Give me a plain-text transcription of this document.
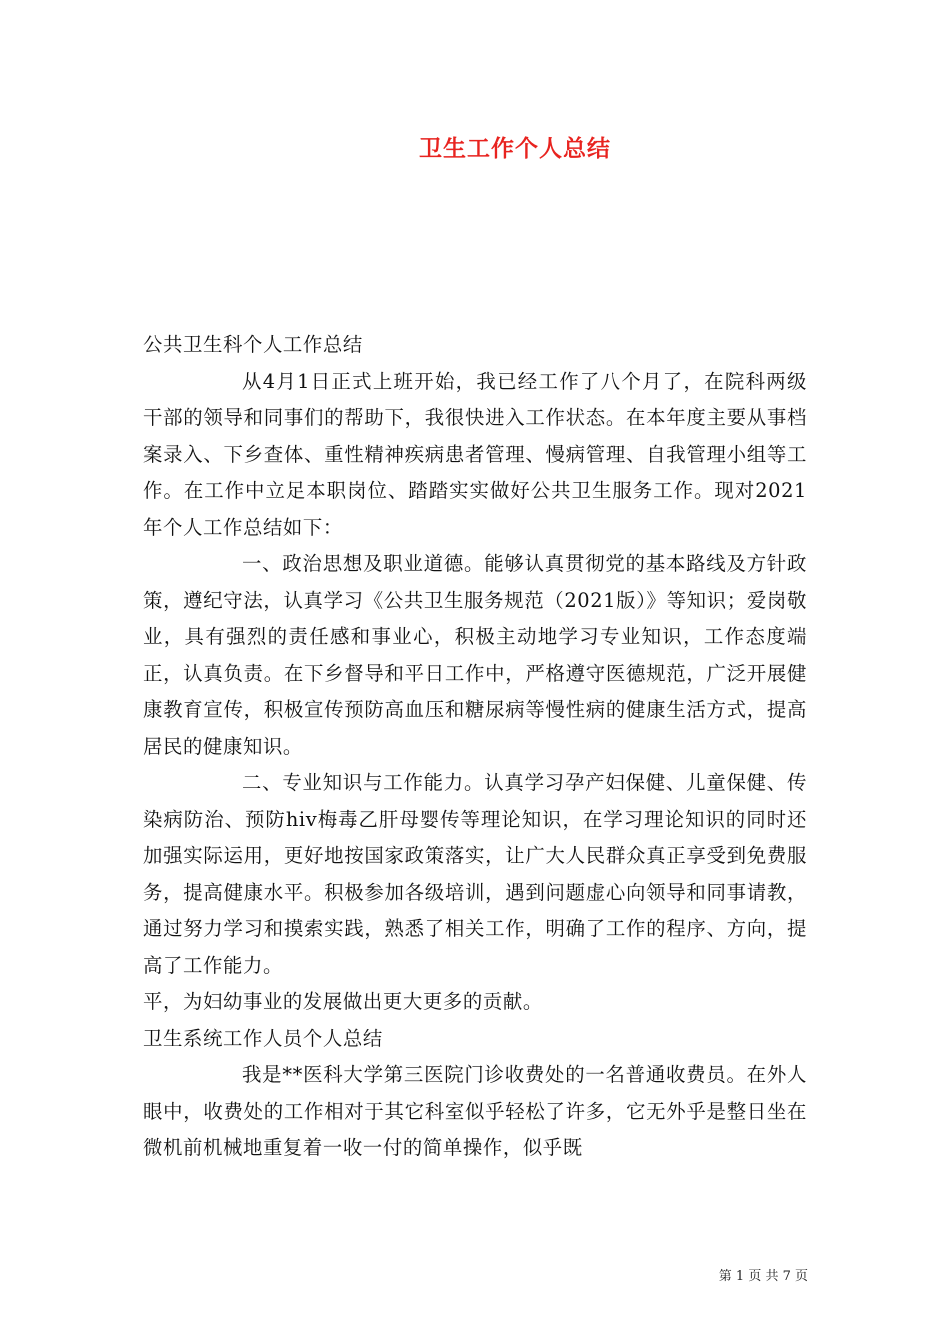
卫生工作个人总结

公共卫生科个人工作总结

从4月1日正式上班开始，我已经工作了八个月了，在院科两级干部的领导和同事们的帮助下，我很快进入工作状态。在本年度主要从事档案录入、下乡查体、重性精神疾病患者管理、慢病管理、自我管理小组等工作。在工作中立足本职岗位、踏踏实实做好公共卫生服务工作。现对2021年个人工作总结如下：

一、政治思想及职业道德。能够认真贯彻党的基本路线及方针政策，遵纪守法，认真学习《公共卫生服务规范（2021版）》等知识；爱岗敬业，具有强烈的责任感和事业心，积极主动地学习专业知识，工作态度端正，认真负责。在下乡督导和平日工作中，严格遵守医德规范，广泛开展健康教育宣传，积极宣传预防高血压和糖尿病等慢性病的健康生活方式，提高居民的健康知识。

二、专业知识与工作能力。认真学习孕产妇保健、儿童保健、传染病防治、预防hiv梅毒乙肝母婴传等理论知识，在学习理论知识的同时还加强实际运用，更好地按国家政策落实，让广大人民群众真正享受到免费服务，提高健康水平。积极参加各级培训，遇到问题虚心向领导和同事请教，通过努力学习和摸索实践，熟悉了相关工作，明确了工作的程序、方向，提高了工作能力。

平，为妇幼事业的发展做出更大更多的贡献。

卫生系统工作人员个人总结

我是**医科大学第三医院门诊收费处的一名普通收费员。在外人眼中，收费处的工作相对于其它科室似乎轻松了许多，它无外乎是整日坐在微机前机械地重复着一收一付的简单操作，似乎既

第 1 页 共 7 页
